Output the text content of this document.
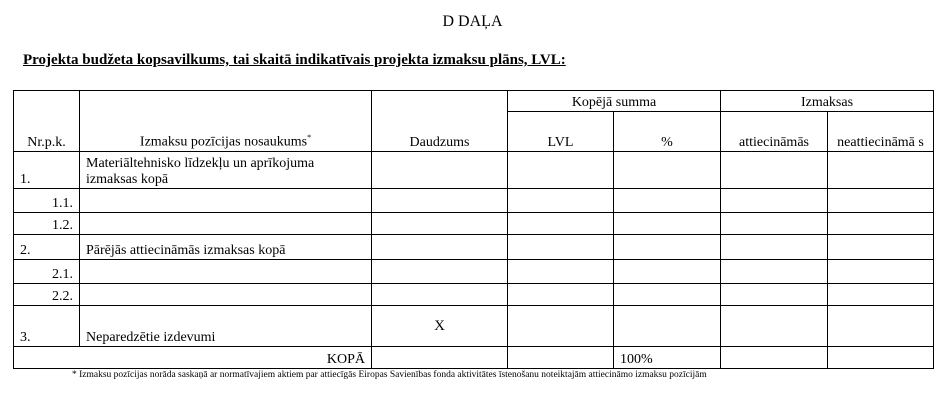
D DAĻA
Projekta budžeta kopsavilkums, tai skaitā indikatīvais projekta izmaksu plāns, LVL:
Nr.p.k.	Izmaksu pozīcijas nosaukums*	Daudzums	Kopējā summa		Izmaksas	
			LVL	%	attiecināmās	neattiecināmā s
1.	Materiāltehnisko līdzekļu un aprīkojuma izmaksas kopā					
1.1.						
1.2.						
2.	Pārējās attiecināmās izmaksas kopā					
2.1.						
2.2.						
3.	Neparedzētie izdevumi	X				
KOPĀ				100%		
* Izmaksu pozīcijas norāda saskaņā ar normatīvajiem aktiem par attiecīgās Eiropas Savienības fonda aktivitātes īstenošanu noteiktajām attiecināmo izmaksu pozīcijām
